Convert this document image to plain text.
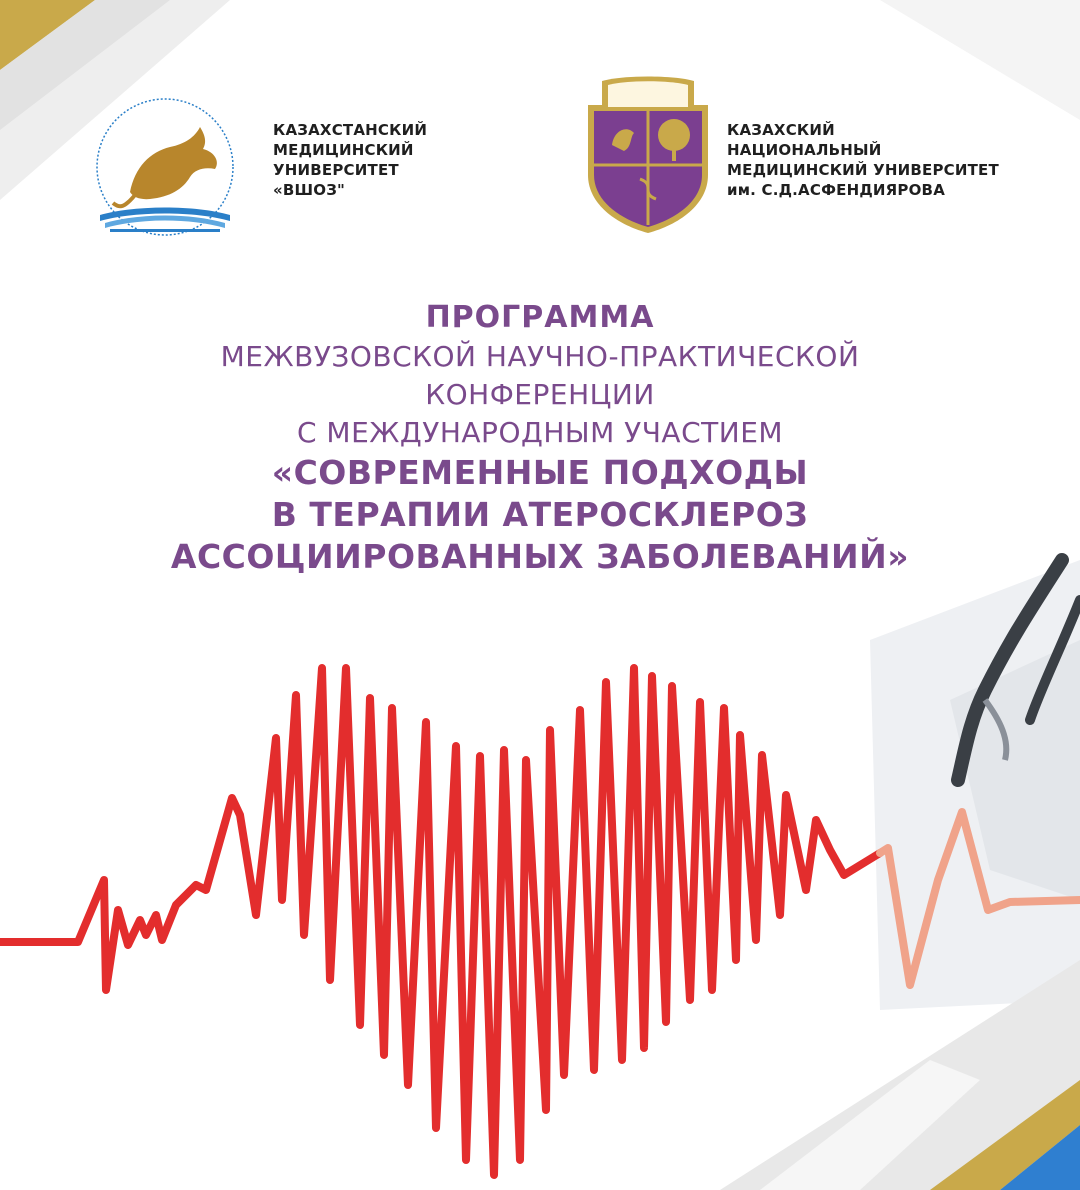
КАЗАХСТАНСКИЙ
МЕДИЦИНСКИЙ
УНИВЕРСИТЕТ
«ВШОЗ"
КАЗАХСКИЙ
НАЦИОНАЛЬНЫЙ
МЕДИЦИНСКИЙ УНИВЕРСИТЕТ
им. С.Д.АСФЕНДИЯРОВА
ПРОГРАММА
МЕЖВУЗОВСКОЙ НАУЧНО-ПРАКТИЧЕСКОЙ
КОНФЕРЕНЦИИ
С МЕЖДУНАРОДНЫМ УЧАСТИЕМ
«СОВРЕМЕННЫЕ ПОДХОДЫ
В ТЕРАПИИ АТЕРОСКЛЕРОЗ
АССОЦИИРОВАННЫХ ЗАБОЛЕВАНИЙ»
